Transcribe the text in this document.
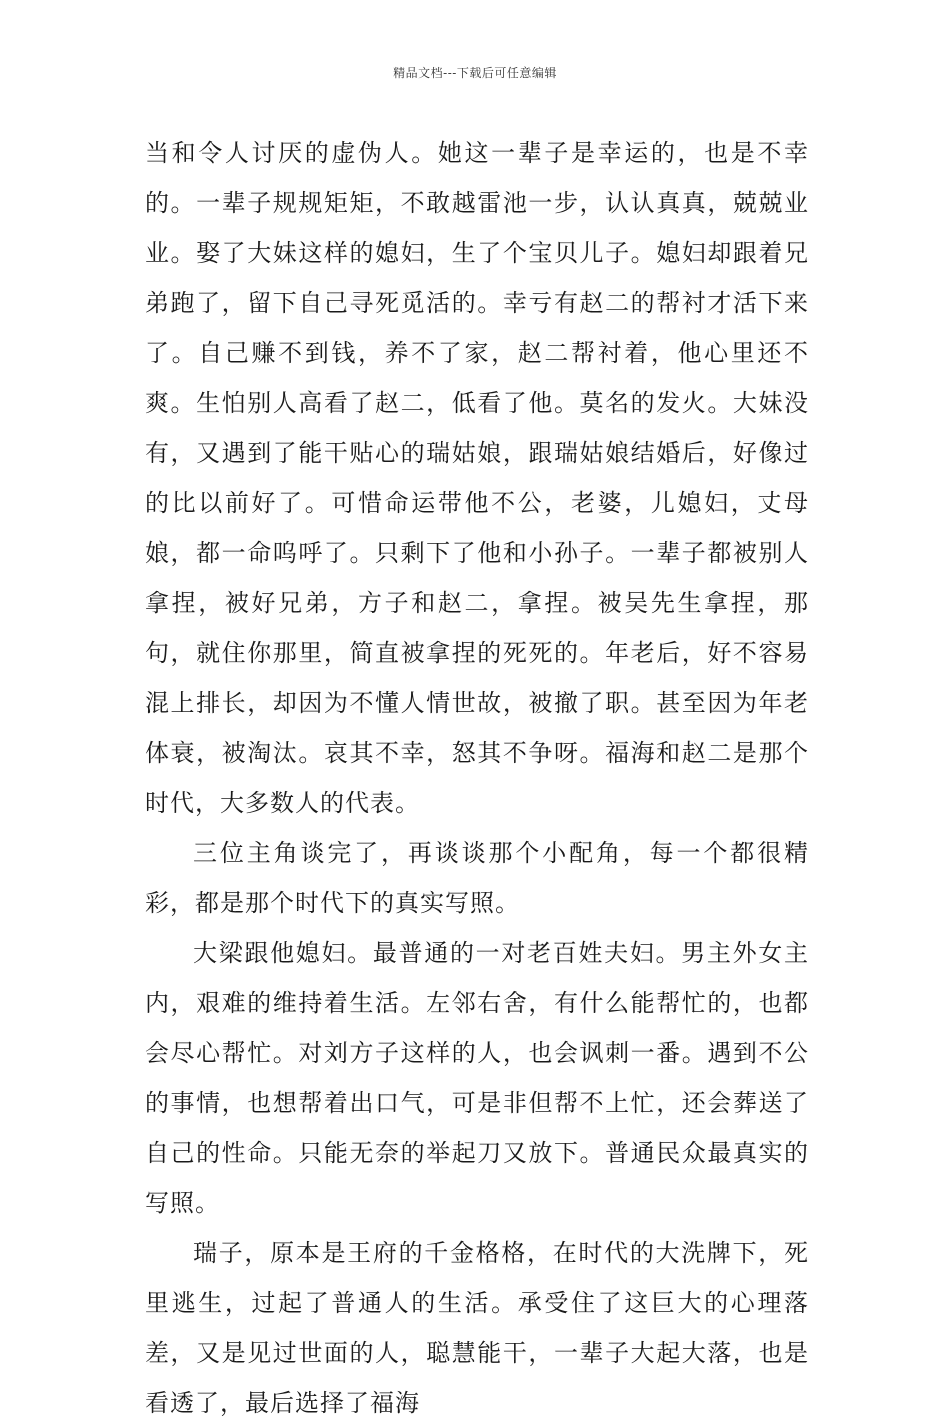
精品文档---下载后可任意编辑

当和令人讨厌的虚伪人。她这一辈子是幸运的，也是不幸的。一辈子规规矩矩，不敢越雷池一步，认认真真，兢兢业业。娶了大妹这样的媳妇，生了个宝贝儿子。媳妇却跟着兄弟跑了，留下自己寻死觅活的。幸亏有赵二的帮衬才活下来了。自己赚不到钱，养不了家，赵二帮衬着，他心里还不爽。生怕别人高看了赵二，低看了他。莫名的发火。大妹没有，又遇到了能干贴心的瑞姑娘，跟瑞姑娘结婚后，好像过的比以前好了。可惜命运带他不公，老婆，儿媳妇，丈母娘，都一命呜呼了。只剩下了他和小孙子。一辈子都被别人拿捏，被好兄弟，方子和赵二，拿捏。被吴先生拿捏，那句，就住你那里，简直被拿捏的死死的。年老后，好不容易混上排长，却因为不懂人情世故，被撤了职。甚至因为年老体衰，被淘汰。哀其不幸，怒其不争呀。福海和赵二是那个时代，大多数人的代表。

三位主角谈完了，再谈谈那个小配角，每一个都很精彩，都是那个时代下的真实写照。

大梁跟他媳妇。最普通的一对老百姓夫妇。男主外女主内，艰难的维持着生活。左邻右舍，有什么能帮忙的，也都会尽心帮忙。对刘方子这样的人，也会讽刺一番。遇到不公的事情，也想帮着出口气，可是非但帮不上忙，还会葬送了自己的性命。只能无奈的举起刀又放下。普通民众最真实的写照。

瑞子，原本是王府的千金格格，在时代的大洗牌下，死里逃生，过起了普通人的生活。承受住了这巨大的心理落差，又是见过世面的人，聪慧能干，一辈子大起大落，也是看透了，最后选择了福海
